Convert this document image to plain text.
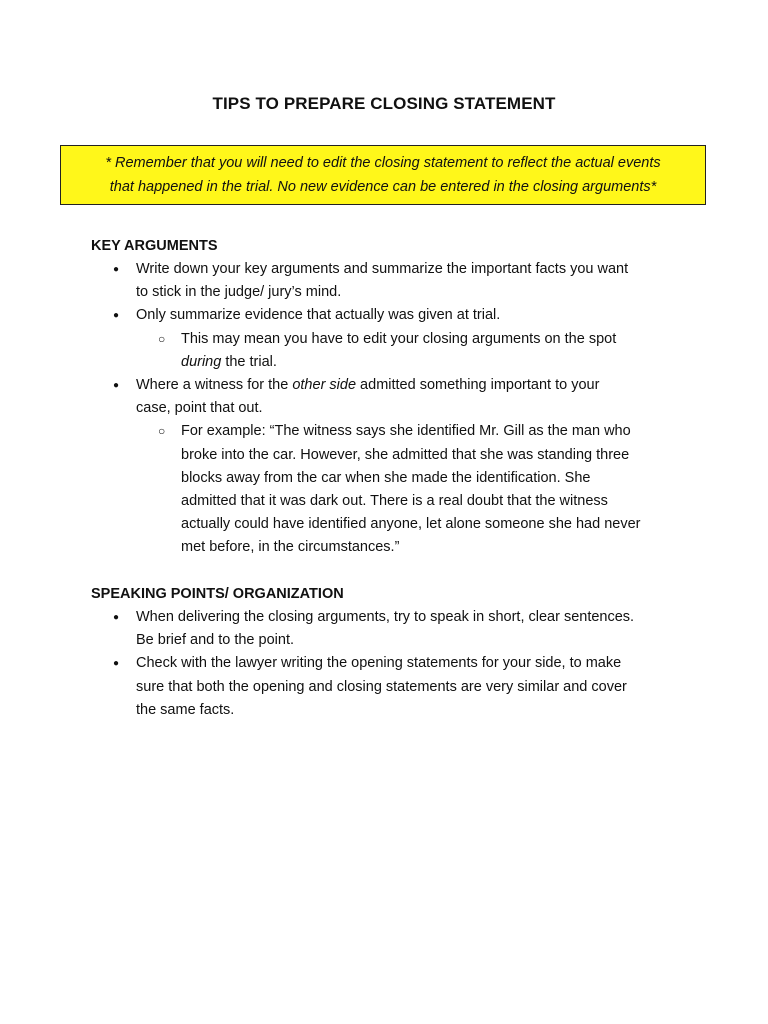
TIPS TO PREPARE CLOSING STATEMENT
* Remember that you will need to edit the closing statement to reflect the actual events
that happened in the trial. No new evidence can be entered in the closing arguments*
KEY ARGUMENTS
● Write down your key arguments and summarize the important facts you want
to stick in the judge/ jury’s mind.
● Only summarize evidence that actually was given at trial.
○ This may mean you have to edit your closing arguments on the spot
during the trial.
● Where a witness for the other side admitted something important to your
case, point that out.
○ For example: “The witness says she identified Mr. Gill as the man who
broke into the car. However, she admitted that she was standing three
blocks away from the car when she made the identification. She
admitted that it was dark out. There is a real doubt that the witness
actually could have identified anyone, let alone someone she had never
met before, in the circumstances.”
SPEAKING POINTS/ ORGANIZATION
● When delivering the closing arguments, try to speak in short, clear sentences.
Be brief and to the point.
● Check with the lawyer writing the opening statements for your side, to make
sure that both the opening and closing statements are very similar and cover
the same facts.
